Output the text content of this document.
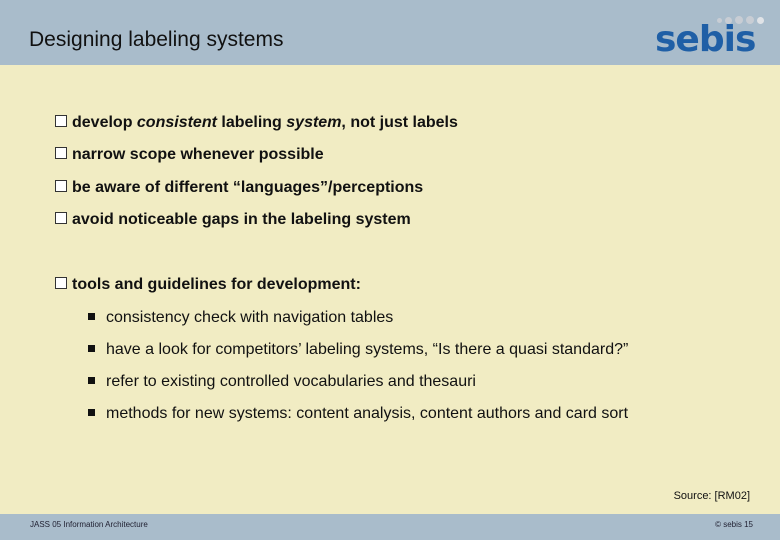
Designing labeling systems	sebis
develop consistent labeling system, not just labels
narrow scope whenever possible
be aware of different “languages”/perceptions
avoid noticeable gaps in the labeling system
tools and guidelines for development:
consistency check with navigation tables
have a look for competitors’ labeling systems, “Is there a quasi standard?”
refer to existing controlled vocabularies and thesauri
methods for new systems: content analysis, content authors and card sort
Source: [RM02]
JASS 05 Information Architecture	© sebis 15
